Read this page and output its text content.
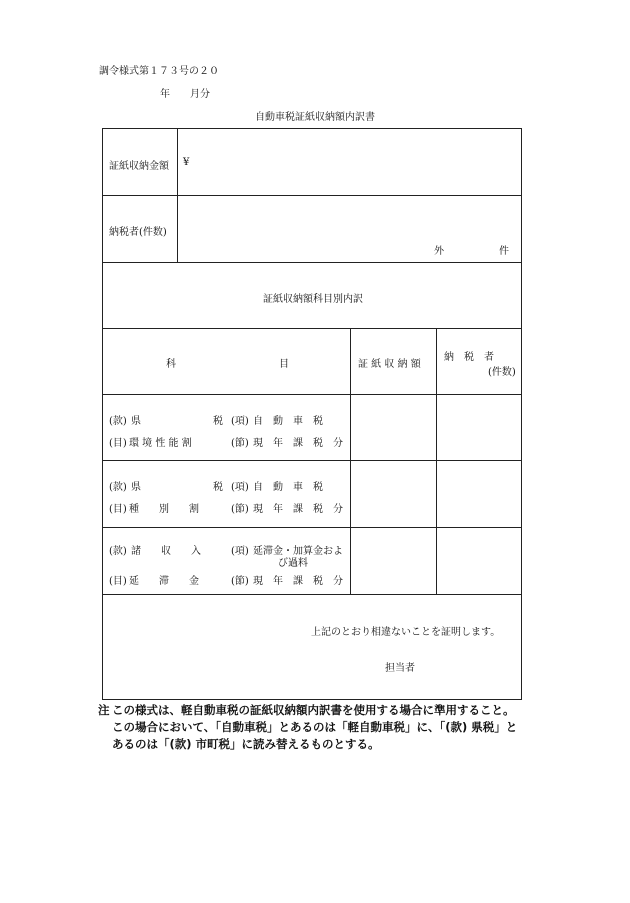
調令様式第１７３号の２０
年 月分
自動車税証紙収納額内訳書
証紙収納金額 ¥
納税者(件数)
外	件
証紙収納額科目別内訳
科	目	証 紙 収 納 額
納　税　者
(件数)
(款) 県	税 (項) 自　動　車　税
(目) 環 境 性 能 割	(節) 現　年　課　税　分
(款) 県	税 (項) 自　動　車　税
(目) 種　　別　　割	(節) 現　年　課　税　分
(款) 諸　　収　　入	(項) 延滞金・加算金およ
び過料
(目) 延　　滞　　金	(節) 現　年　課　税　分
上記のとおり相違ないことを証明します。
担当者
注 この様式は、軽自動車税の証紙収納額内訳書を使用する場合に準用すること。この場合において、「自動車税」とあるのは「軽自動車税」に、「(款) 県税」とあるのは「(款) 市町税」に読み替えるものとする。
